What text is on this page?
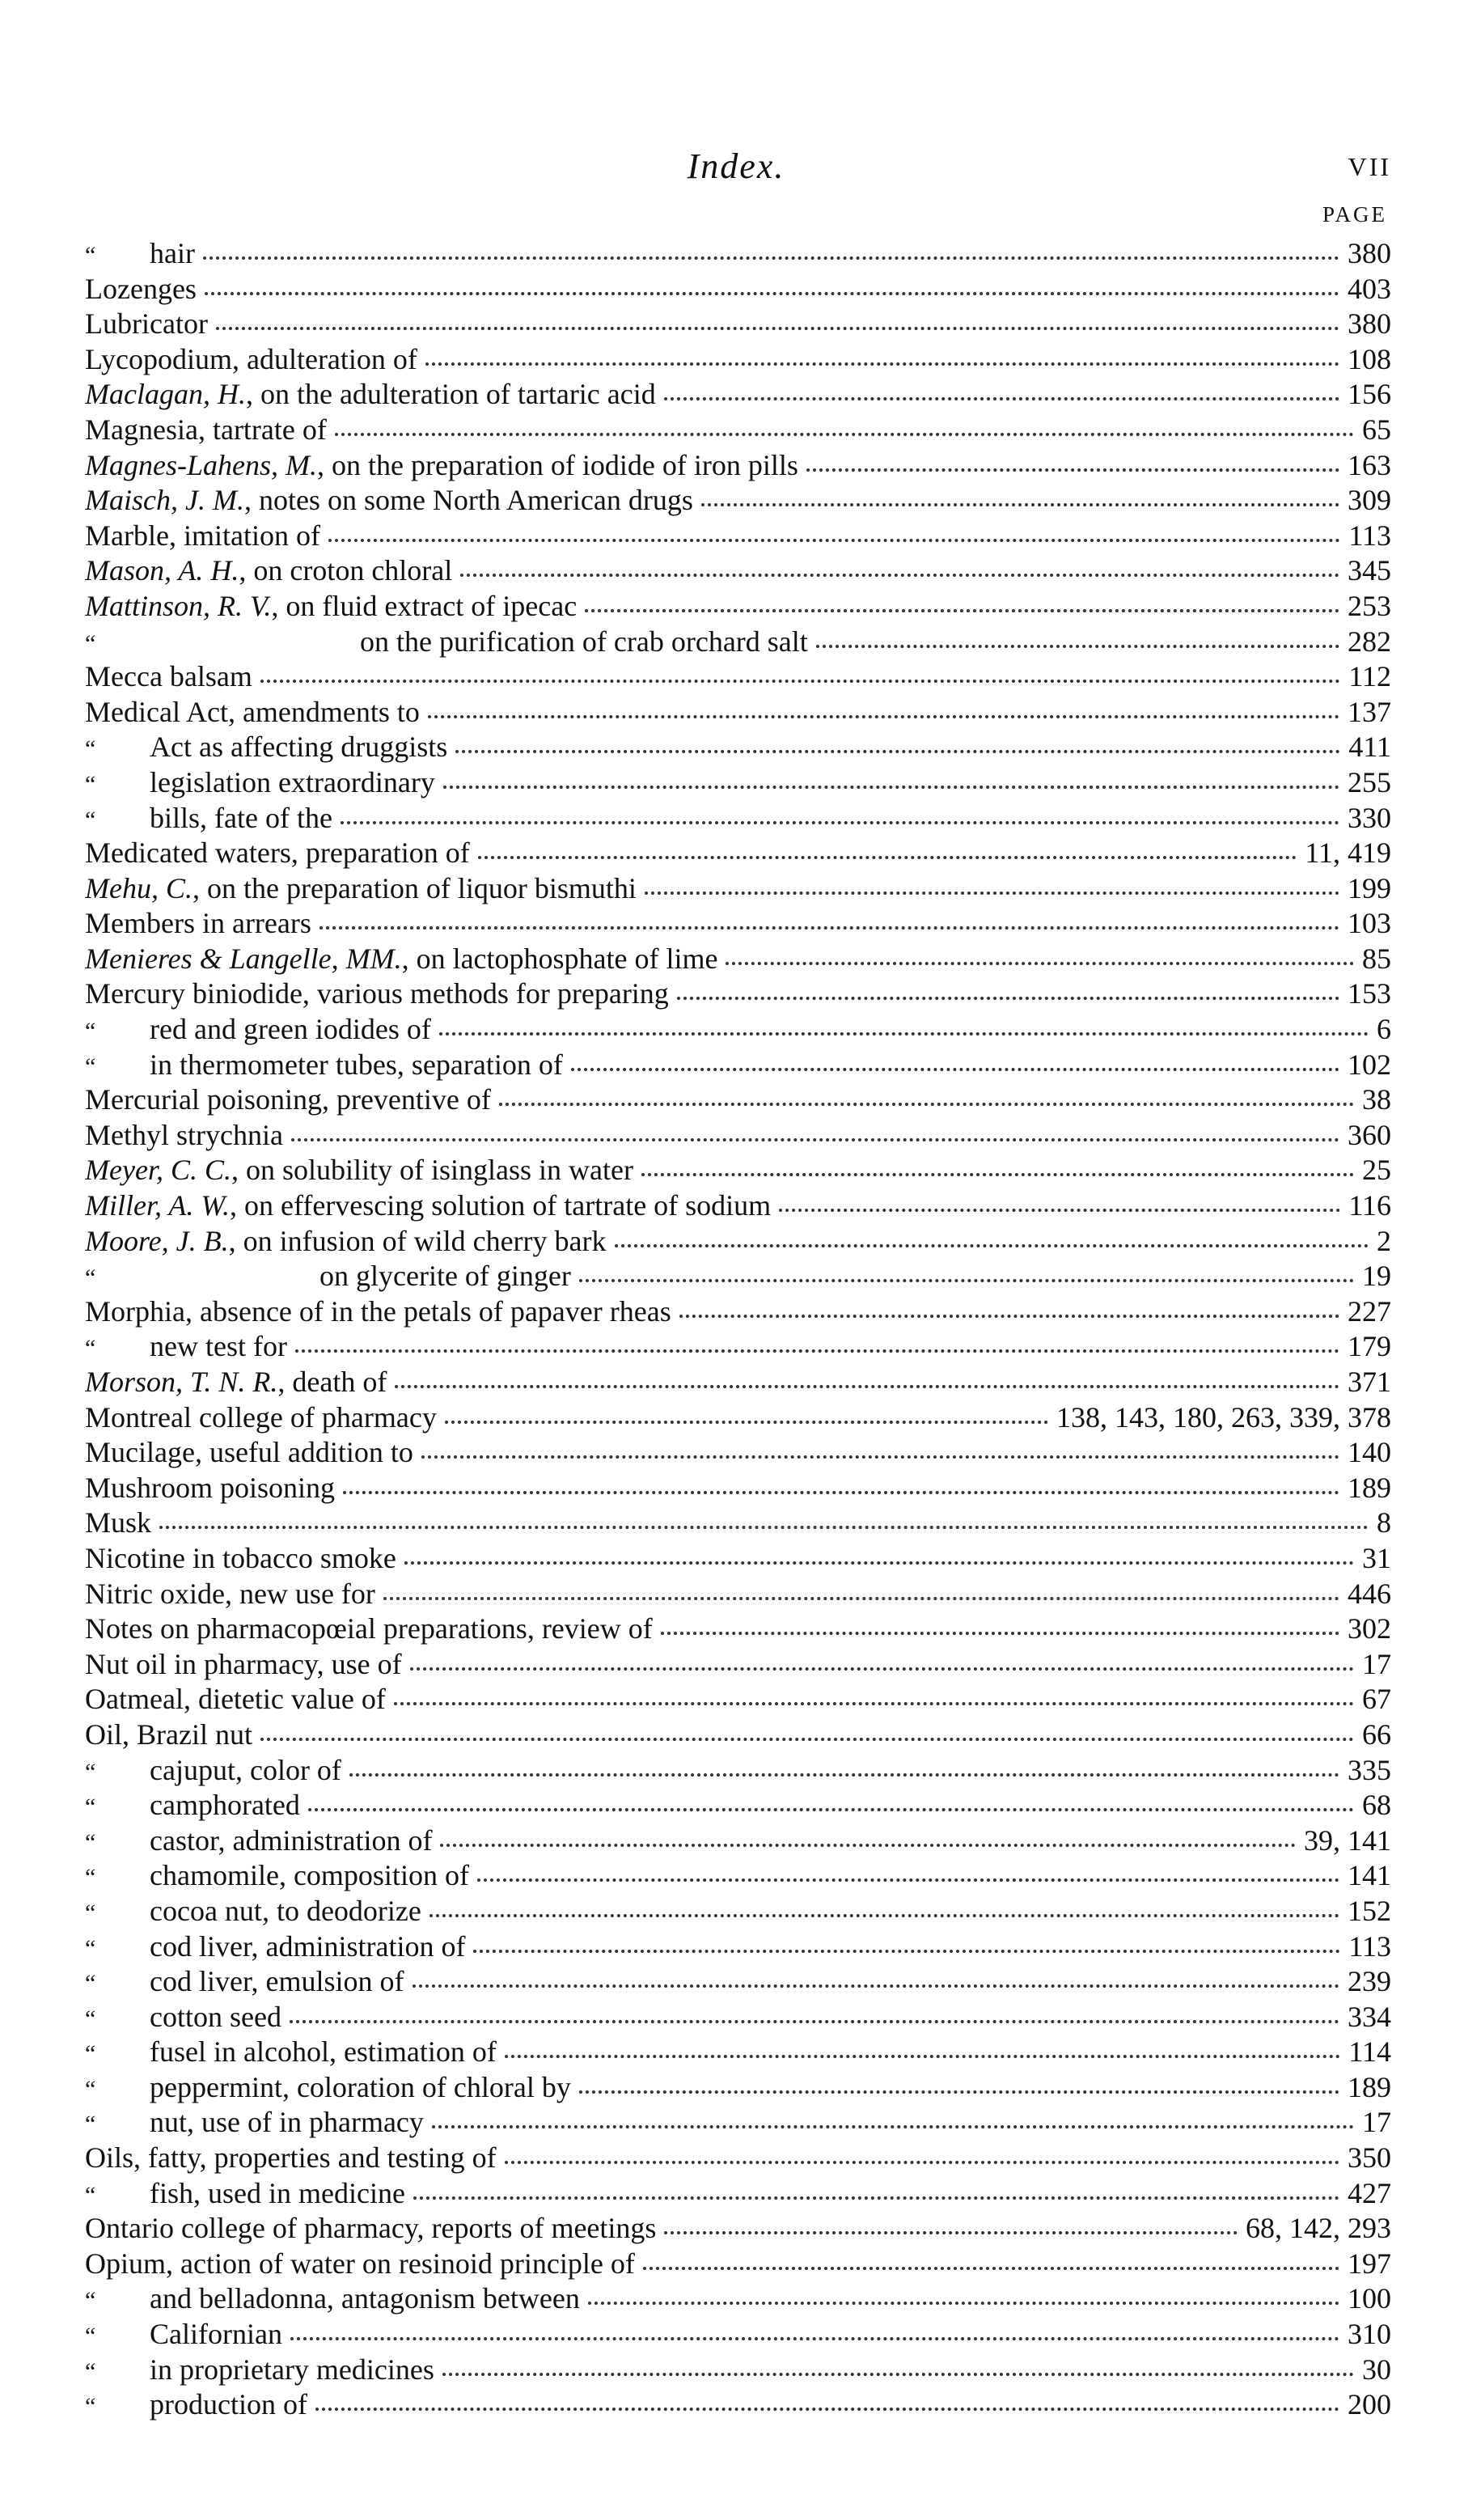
Index.	VII
PAGE
“	hair	380
Lozenges	403
Lubricator	380
Lycopodium, adulteration of	108
Maclagan, H., on the adulteration of tartaric acid	156
Magnesia, tartrate of	65
Magnes-Lahens, M., on the preparation of iodide of iron pills	163
Maisch, J. M., notes on some North American drugs	309
Marble, imitation of	113
Mason, A. H., on croton chloral	345
Mattinson, R. V., on fluid extract of ipecac	253
“	on the purification of crab orchard salt	282
Mecca balsam	112
Medical Act, amendments to	137
“	Act as affecting druggists	411
“	legislation extraordinary	255
“	bills, fate of the	330
Medicated waters, preparation of	11, 419
Mehu, C., on the preparation of liquor bismuthi	199
Members in arrears	103
Menieres & Langelle, MM., on lactophosphate of lime	85
Mercury biniodide, various methods for preparing	153
“	red and green iodides of	6
“	in thermometer tubes, separation of	102
Mercurial poisoning, preventive of	38
Methyl strychnia	360
Meyer, C. C., on solubility of isinglass in water	25
Miller, A. W., on effervescing solution of tartrate of sodium	116
Moore, J. B., on infusion of wild cherry bark	2
“	on glycerite of ginger	19
Morphia, absence of in the petals of papaver rheas	227
“	new test for	179
Morson, T. N. R., death of	371
Montreal college of pharmacy	138, 143, 180, 263, 339, 378
Mucilage, useful addition to	140
Mushroom poisoning	189
Musk	8
Nicotine in tobacco smoke	31
Nitric oxide, new use for	446
Notes on pharmacopœial preparations, review of	302
Nut oil in pharmacy, use of	17
Oatmeal, dietetic value of	67
Oil, Brazil nut	66
“	cajuput, color of	335
“	camphorated	68
“	castor, administration of	39, 141
“	chamomile, composition of	141
“	cocoa nut, to deodorize	152
“	cod liver, administration of	113
“	cod liver, emulsion of	239
“	cotton seed	334
“	fusel in alcohol, estimation of	114
“	peppermint, coloration of chloral by	189
“	nut, use of in pharmacy	17
Oils, fatty, properties and testing of	350
“	fish, used in medicine	427
Ontario college of pharmacy, reports of meetings	68, 142, 293
Opium, action of water on resinoid principle of	197
“	and belladonna, antagonism between	100
“	Californian	310
“	in proprietary medicines	30
“	production of	200
